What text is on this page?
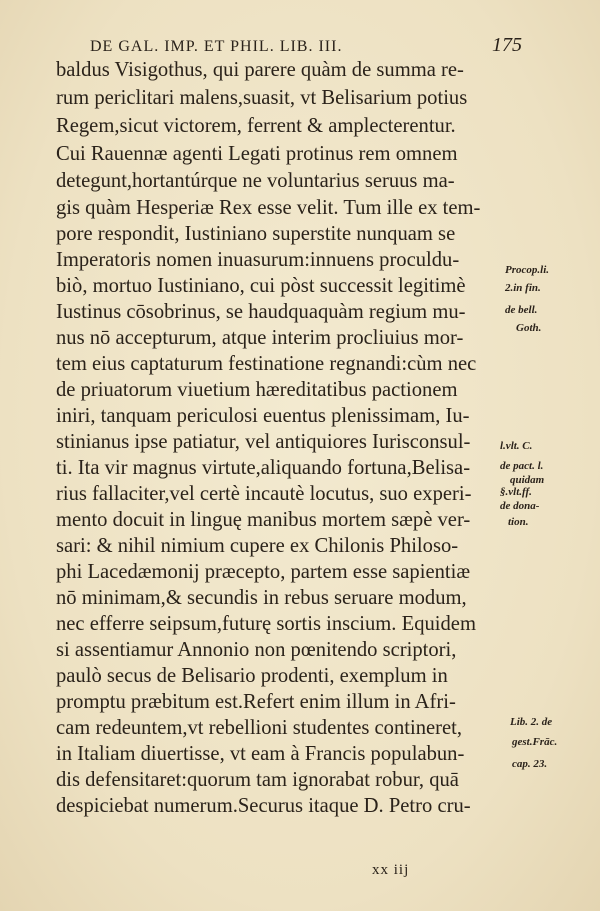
DE GAL. IMP. ET PHIL. LIB. III.	175
baldus Visigothus, qui parere quàm de summa re-
rum periclitari malens,suasit, vt Belisarium potius
Regem,sicut victorem, ferrent & amplecterentur.
Cui Rauennæ agenti Legati protinus rem omnem
detegunt,hortantúrque ne voluntarius seruus ma-
gis quàm Hesperiæ Rex esse velit. Tum ille ex tem-
pore respondit, Iustiniano superstite nunquam se
Imperatoris nomen inuasurum:innuens proculdu-
biò, mortuo Iustiniano, cui pòst successit legitimè
Iustinus cōsobrinus, se haudquaquàm regium mu-
nus nō accepturum, atque interim procliuius mor-
tem eius captaturum festinatione regnandi:cùm nec
de priuatorum viuetium hæreditatibus pactionem
iniri, tanquam periculosi euentus plenissimam, Iu-
stinianus ipse patiatur, vel antiquiores Iurisconsul-
ti. Ita vir magnus virtute,aliquando fortuna,Belisa-
rius fallaciter,vel certè incautè locutus, suo experi-
mento docuit in linguę manibus mortem sæpè ver-
sari: & nihil nimium cupere ex Chilonis Philoso-
phi Lacedæmonij præcepto, partem esse sapientiæ
nō minimam,& secundis in rebus seruare modum,
nec efferre seipsum,futurę sortis inscium. Equidem
si assentiamur Annonio non pœnitendo scriptori,
paulò secus de Belisario prodenti, exemplum in
promptu præbitum est.Refert enim illum in Afri-
cam redeuntem,vt rebellioni studentes contineret,
in Italiam diuertisse, vt eam à Francis populabun-
dis defensitaret:quorum tam ignorabat robur, quā
despiciebat numerum.Securus itaque D. Petro cru-
Procop.li.
2.in fin.
de bell.
Goth.
l.vlt. C.
de pact. l.
quidam
§.vlt.ff.
de dona-
tion.
Lib. 2. de
gest.Frāc.
cap. 23.
xx iij
